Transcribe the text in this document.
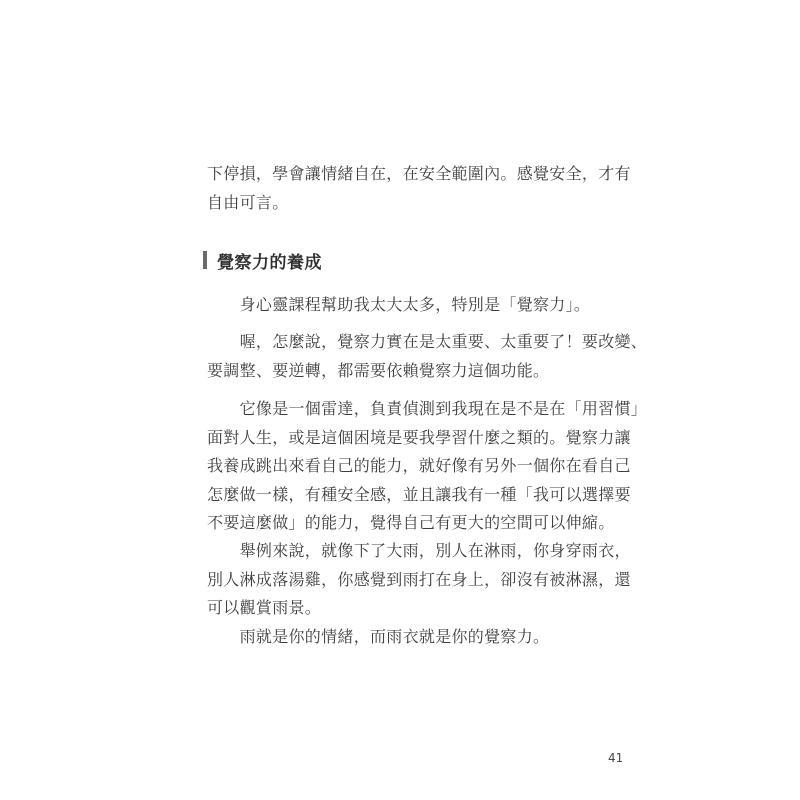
下停損，學會讓情緒自在，在安全範圍內。感覺安全，才有
自由可言。

覺察力的養成

　　身心靈課程幫助我太大太多，特別是「覺察力」。

　　喔，怎麼說，覺察力實在是太重要、太重要了！要改變、
要調整、要逆轉，都需要依賴覺察力這個功能。

　　它像是一個雷達，負責偵測到我現在是不是在「用習慣」
面對人生，或是這個困境是要我學習什麼之類的。覺察力讓
我養成跳出來看自己的能力，就好像有另外一個你在看自己
怎麼做一樣，有種安全感，並且讓我有一種「我可以選擇要
不要這麼做」的能力，覺得自己有更大的空間可以伸縮。

　　舉例來說，就像下了大雨，別人在淋雨，你身穿雨衣，
別人淋成落湯雞，你感覺到雨打在身上，卻沒有被淋濕，還
可以觀賞雨景。

　　雨就是你的情緒，而雨衣就是你的覺察力。

41
